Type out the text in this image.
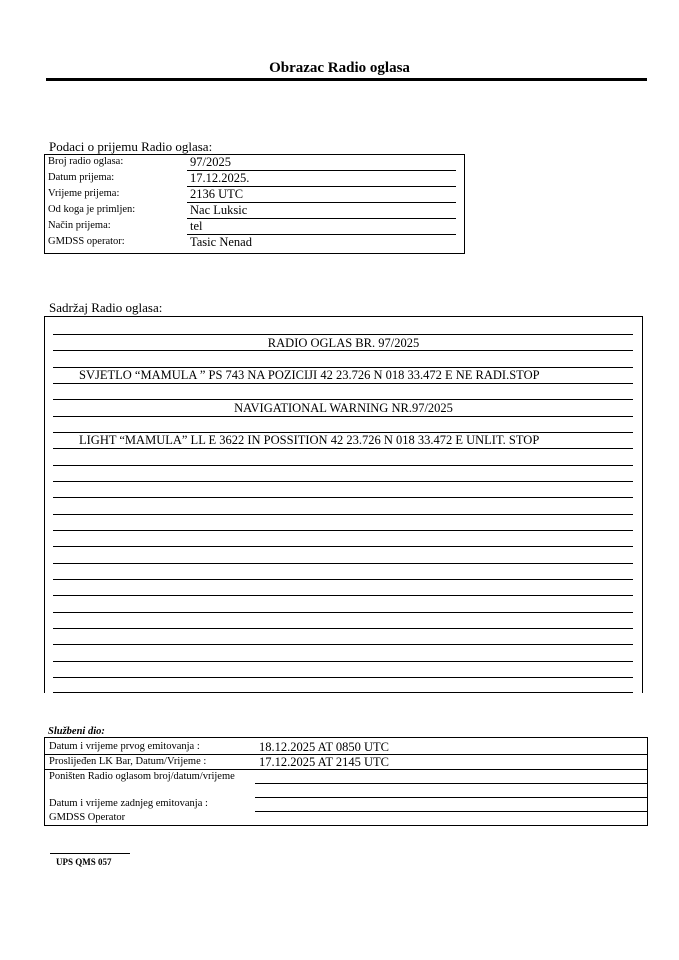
Obrazac Radio oglasa
Podaci o prijemu Radio oglasa:
Broj radio oglasa:	97/2025
Datum prijema:	17.12.2025.
Vrijeme prijema:	2136 UTC
Od koga je primljen:	Nac Luksic
Način prijema:	tel
GMDSS operator:	Tasic Nenad
Sadržaj Radio oglasa:
RADIO OGLAS BR. 97/2025
SVJETLO “MAMULA ” PS 743 NA POZICIJI 42 23.726 N 018 33.472 E NE RADI.STOP
NAVIGATIONAL WARNING NR.97/2025
LIGHT “MAMULA” LL E 3622 IN POSSITION 42 23.726 N 018 33.472 E UNLIT. STOP
Službeni dio:
Datum i vrijeme prvog emitovanja :	18.12.2025 AT 0850 UTC
Proslijeđen LK Bar, Datum/Vrijeme :	17.12.2025 AT 2145 UTC
Poništen Radio oglasom broj/datum/vrijeme
Datum i vrijeme zadnjeg emitovanja :
GMDSS Operator
UPS QMS 057
